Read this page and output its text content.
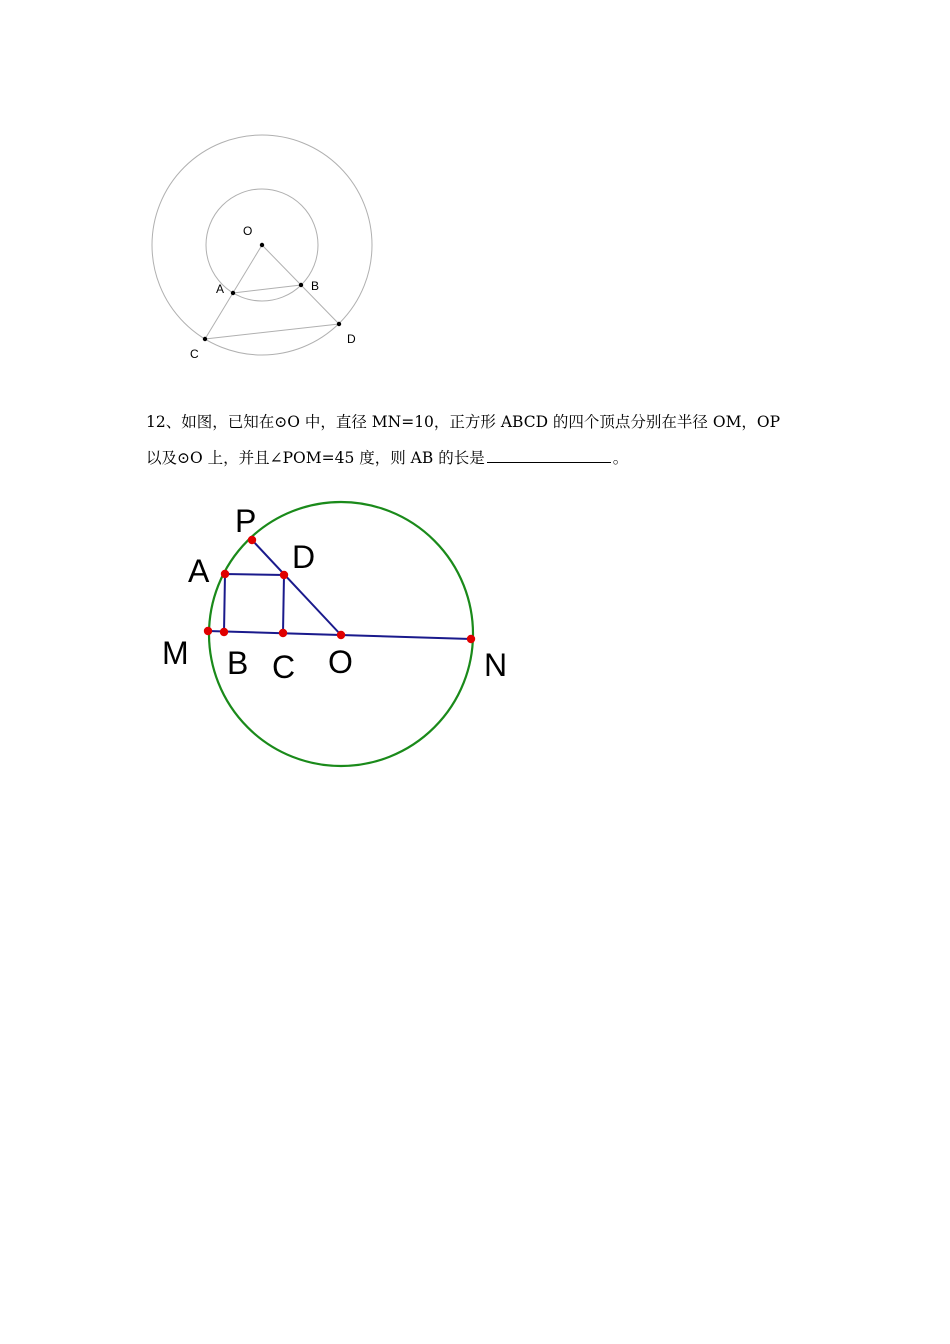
O
A	B
C
D
12、如图，已知在⊙O 中，直径 MN=10，正方形 ABCD 的四个顶点分别在半径 OM，OP
以及⊙O 上，并且∠POM=45 度，则 AB 的长是	。
P
A	D
M B C O	N
